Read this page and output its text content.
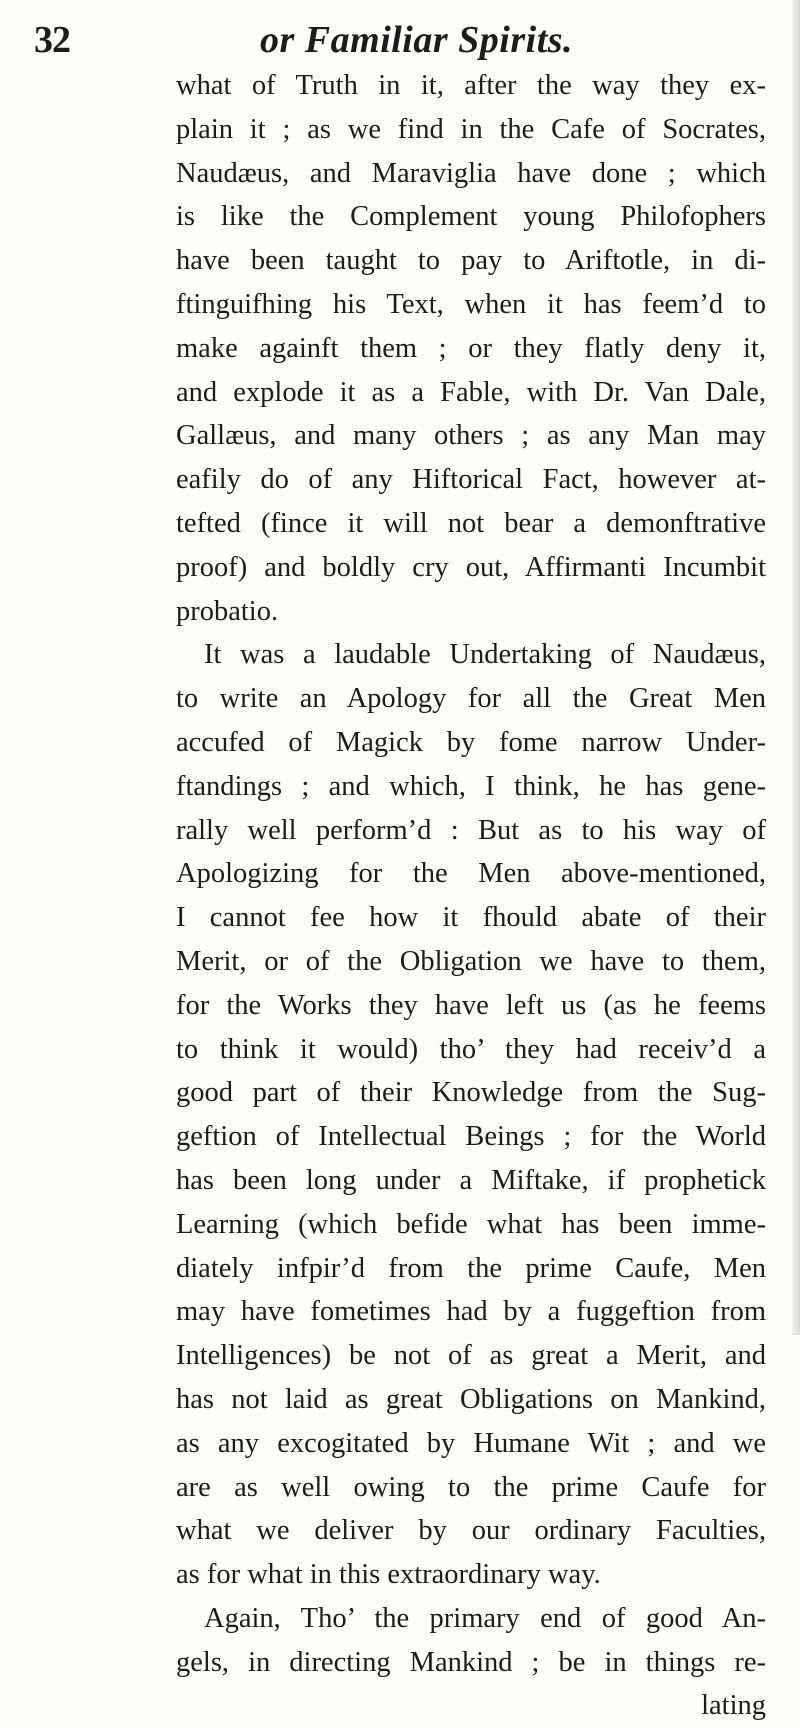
32	or Familiar Spirits.
what of Truth in it, after the way they ex-
plain it ; as we find in the Cafe of Socrates,
Naudæus, and Maraviglia have done ; which
is like the Complement young Philofophers
have been taught to pay to Ariftotle, in di-
ftinguifhing his Text, when it has feem’d to
make againft them ; or they flatly deny it,
and explode it as a Fable, with Dr. Van Dale,
Gallæus, and many others ; as any Man may
eafily do of any Hiftorical Fact, however at-
tefted (fince it will not bear a demonftrative
proof) and boldly cry out, Affirmanti Incumbit
probatio.
It was a laudable Undertaking of Naudæus,
to write an Apology for all the Great Men
accufed of Magick by fome narrow Under-
ftandings ; and which, I think, he has gene-
rally well perform’d : But as to his way of
Apologizing for the Men above-mentioned,
I cannot fee how it fhould abate of their
Merit, or of the Obligation we have to them,
for the Works they have left us (as he feems
to think it would) tho’ they had receiv’d a
good part of their Knowledge from the Sug-
geftion of Intellectual Beings ; for the World
has been long under a Miftake, if prophetick
Learning (which befide what has been imme-
diately infpir’d from the prime Caufe, Men
may have fometimes had by a fuggeftion from
Intelligences) be not of as great a Merit, and
has not laid as great Obligations on Mankind,
as any excogitated by Humane Wit ; and we
are as well owing to the prime Caufe for
what we deliver by our ordinary Faculties,
as for what in this extraordinary way.
Again, Tho’ the primary end of good An-
gels, in directing Mankind ; be in things re-
lating
